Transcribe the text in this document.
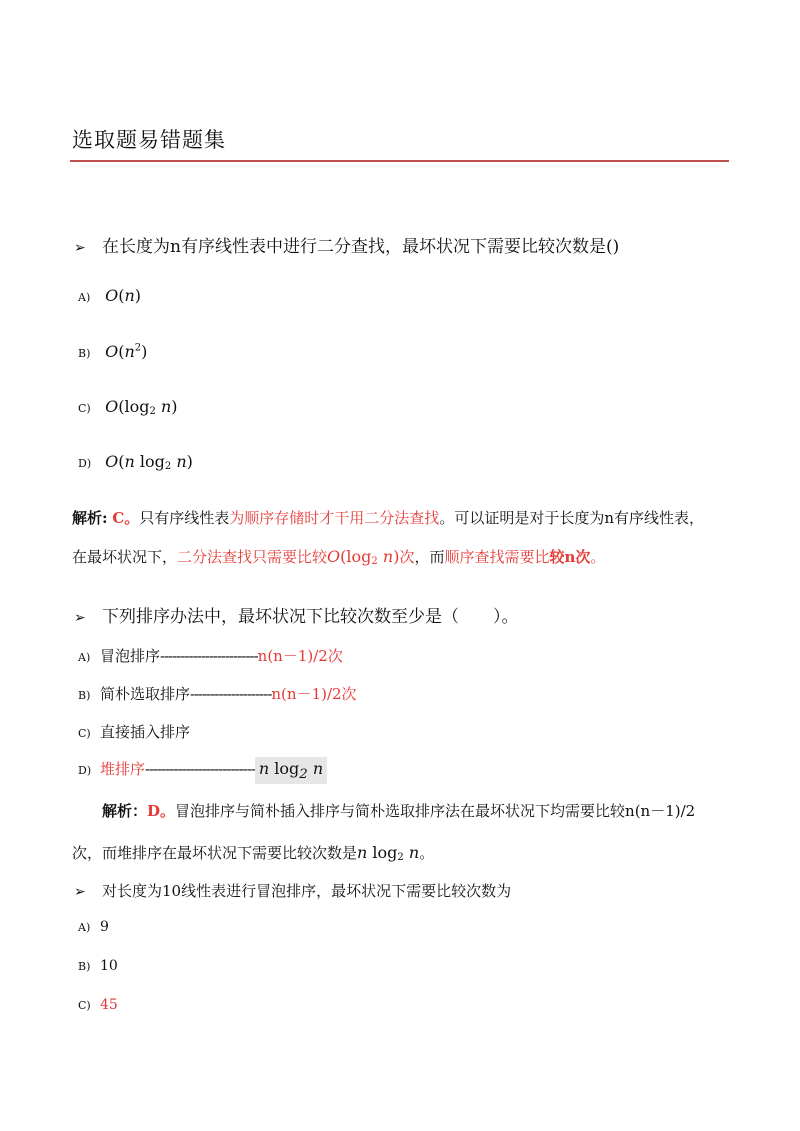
选取题易错题集
➢ 在长度为n有序线性表中进行二分查找，最坏状况下需要比较次数是()
A) O(n)
B) $O(n^2)$
C) $O(\log_2$ n)
D) O(n $\log_2 n$)
解析: C。只有序线性表为顺序存储时才干用二分法查找。可以证明是对于长度为n有序线性表，
在最坏状况下，二分法查找只需要比较$O(\log_2$ n)次，而顺序查找需要比较n次。
➢ 下列排序办法中，最坏状况下比较次数至少是（　　）。
A) 冒泡排序------------------------n(n－1)/2次
B) 简朴选取排序--------------------n(n－1)/2次
C) 直接插入排序
D) 堆排序--------------------------- n $\log_2 n$
解析：D。冒泡排序与简朴插入排序与简朴选取排序法在最坏状况下均需要比较n(n－1)/2
次，而堆排序在最坏状况下需要比较次数是n $\log_2 n$。
➢ 对长度为10线性表进行冒泡排序，最坏状况下需要比较次数为
A) 9
B) 10
C) 45
